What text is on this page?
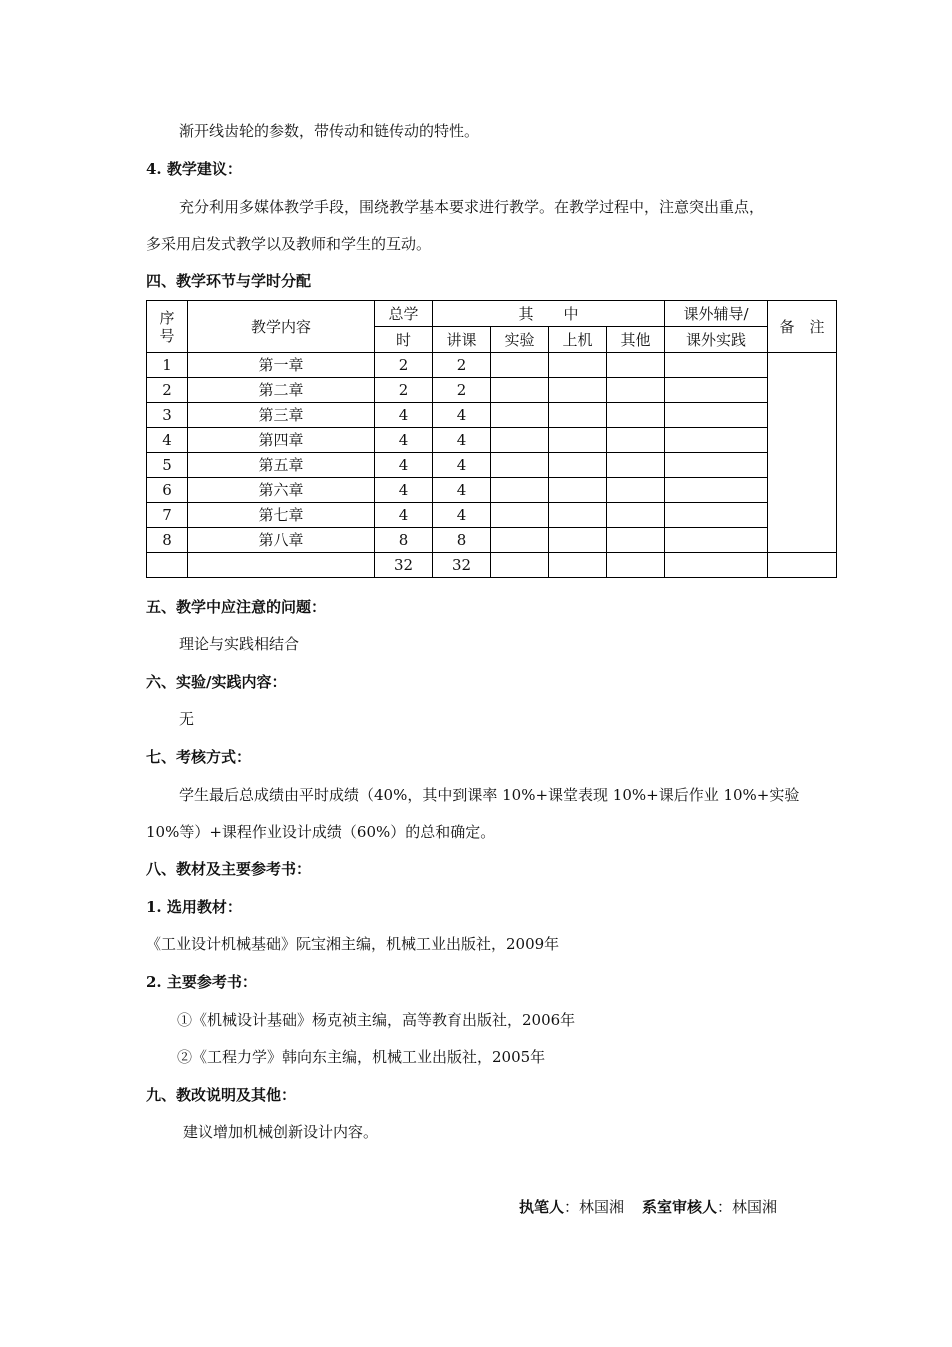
渐开线齿轮的参数，带传动和链传动的特性。
4. 教学建议：
充分利用多媒体教学手段，围绕教学基本要求进行教学。在教学过程中，注意突出重点，
多采用启发式教学以及教师和学生的互动。
四、教学环节与学时分配
序
号	教学内容	总学	其　　中				课外辅导/	备　注
		时	讲课	实验	上机	其他	课外实践	
1	第一章	2	2					
2	第二章	2	2					
3	第三章	4	4					
4	第四章	4	4					
5	第五章	4	4					
6	第六章	4	4					
7	第七章	4	4					
8	第八章	8	8					
		32	32					
五、教学中应注意的问题：
理论与实践相结合
六、实验/实践内容：
无
七、考核方式：
学生最后总成绩由平时成绩（40%，其中到课率 10%+课堂表现 10%+课后作业 10%+实验
10%等）+课程作业设计成绩（60%）的总和确定。
八、教材及主要参考书：
1. 选用教材：
《工业设计机械基础》阮宝湘主编，机械工业出版社，2009年
2. 主要参考书：
①《机械设计基础》杨克祯主编，高等教育出版社，2006年
②《工程力学》韩向东主编，机械工业出版社，2005年
九、教改说明及其他：
建议增加机械创新设计内容。
执笔人：林国湘 系室审核人：林国湘
